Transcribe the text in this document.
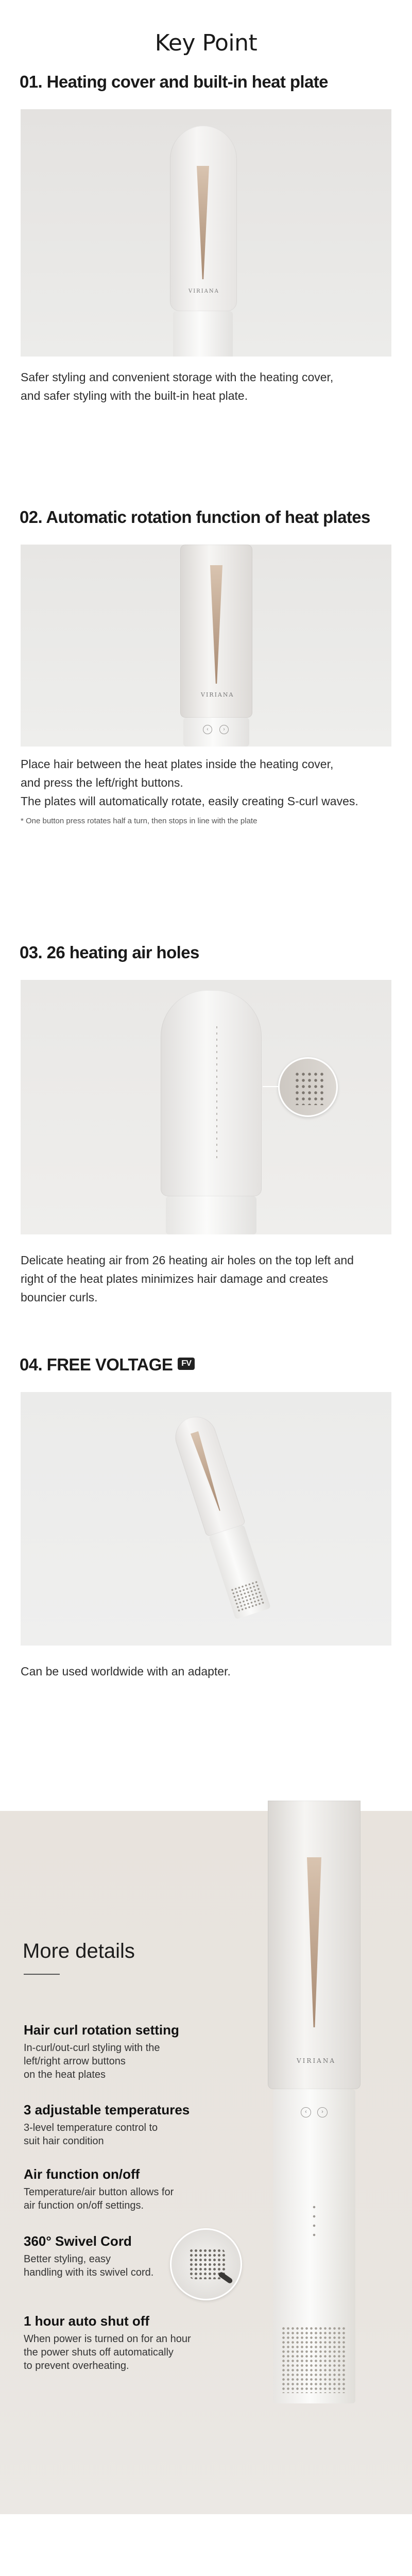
Key Point
01. Heating cover and built-in heat plate
VIRIANA
Safer styling and convenient storage with the heating cover,
and safer styling with the built-in heat plate.
02. Automatic rotation function of heat plates
VIRIANA
‹	›
Place hair between the heat plates inside the heating cover,
and press the left/right buttons.
The plates will automatically rotate, easily creating S-curl waves.
* One button press rotates half a turn, then stops in line with the plate
03. 26 heating air holes
Delicate heating air from 26 heating air holes on the top left and
right of the heat plates minimizes hair damage and creates
bouncier curls.
04. FREE VOLTAGE FV
Can be used worldwide with an adapter.
More details
Hair curl rotation setting

In-curl/out-curl styling with the
left/right arrow buttons
on the heat plates

3 adjustable temperatures

3-level temperature control to
suit hair condition

Air function on/off

Temperature/air button allows for
air function on/off settings.

360° Swivel Cord

Better styling, easy
handling with its swivel cord.

1 hour auto shut off

When power is turned on for an hour
the power shuts off automatically
to prevent overheating.

VIRIANA
‹	›
